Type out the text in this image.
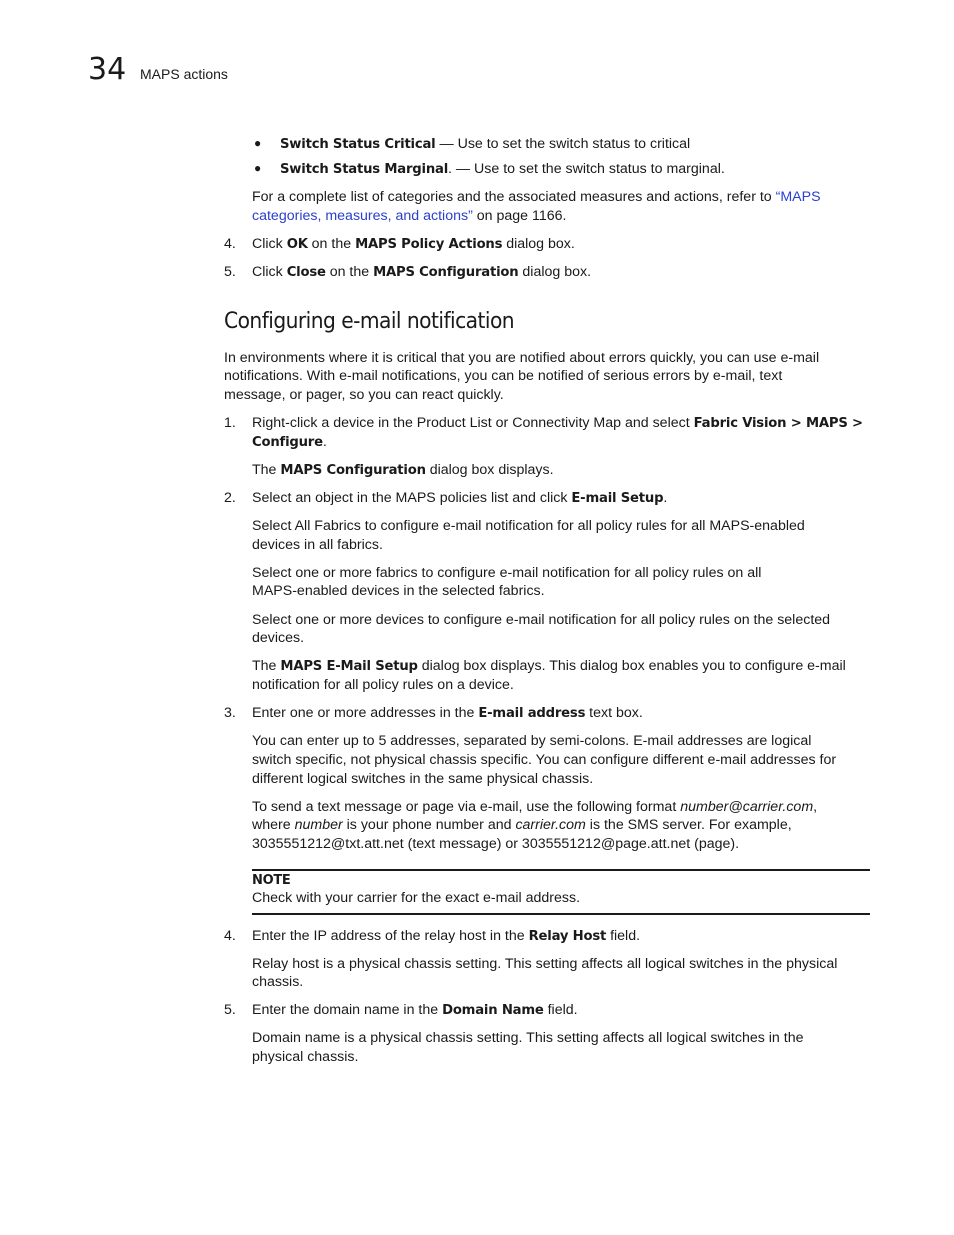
34 MAPS actions
● Switch Status Critical — Use to set the switch status to critical
● Switch Status Marginal. — Use to set the switch status to marginal.
For a complete list of categories and the associated measures and actions, refer to “MAPS
categories, measures, and actions” on page 1166.
4. Click OK on the MAPS Policy Actions dialog box.
5. Click Close on the MAPS Configuration dialog box.
Configuring e-mail notification
In environments where it is critical that you are notified about errors quickly, you can use e-mail
notifications. With e-mail notifications, you can be notified of serious errors by e-mail, text
message, or pager, so you can react quickly.
1. Right-click a device in the Product List or Connectivity Map and select Fabric Vision > MAPS >
Configure.
The MAPS Configuration dialog box displays.
2. Select an object in the MAPS policies list and click E-mail Setup.
Select All Fabrics to configure e-mail notification for all policy rules for all MAPS-enabled
devices in all fabrics.
Select one or more fabrics to configure e-mail notification for all policy rules on all
MAPS-enabled devices in the selected fabrics.
Select one or more devices to configure e-mail notification for all policy rules on the selected
devices.
The MAPS E-Mail Setup dialog box displays. This dialog box enables you to configure e-mail
notification for all policy rules on a device.
3. Enter one or more addresses in the E-mail address text box.
You can enter up to 5 addresses, separated by semi-colons. E-mail addresses are logical
switch specific, not physical chassis specific. You can configure different e-mail addresses for
different logical switches in the same physical chassis.
To send a text message or page via e-mail, use the following format number@carrier.com,
where number is your phone number and carrier.com is the SMS server. For example,
3035551212@txt.att.net (text message) or 3035551212@page.att.net (page).
NOTE
Check with your carrier for the exact e-mail address.
4. Enter the IP address of the relay host in the Relay Host field.
Relay host is a physical chassis setting. This setting affects all logical switches in the physical
chassis.
5. Enter the domain name in the Domain Name field.
Domain name is a physical chassis setting. This setting affects all logical switches in the
physical chassis.
